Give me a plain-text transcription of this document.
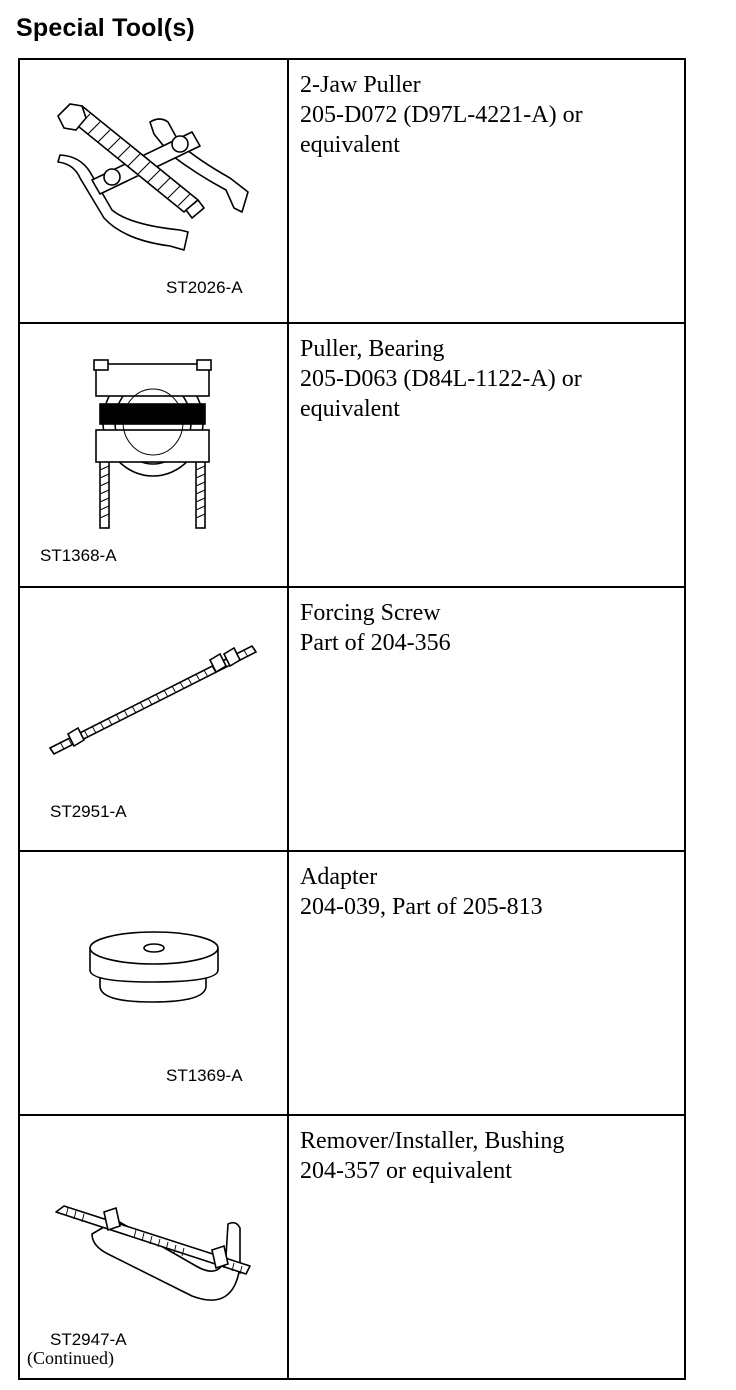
Special Tool(s)
ST2026-A	2-Jaw Puller
205-D072 (D97L-4221-A) or
equivalent

ST1368-A	Puller, Bearing
205-D063 (D84L-1122-A) or
equivalent

ST2951-A	Forcing Screw
Part of 204-356

ST1369-A	Adapter
204-039, Part of 205-813

ST2947-A	Remover/Installer, Bushing
204-357 or equivalent
(Continued)
